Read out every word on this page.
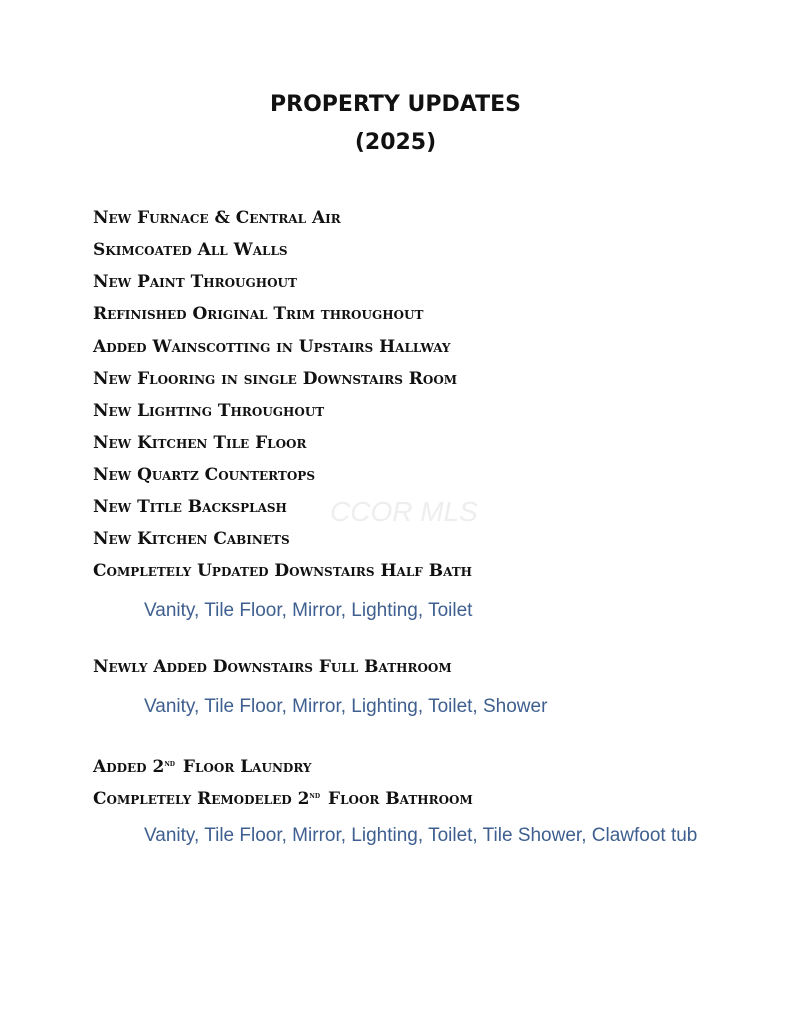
CCOR MLS
PROPERTY UPDATES
(2025)
New Furnace & Central Air
Skimcoated All Walls
New Paint Throughout
Refinished Original Trim throughout
Added Wainscotting in Upstairs Hallway
New Flooring in single Downstairs Room
New Lighting Throughout
New Kitchen Tile Floor
New Quartz Countertops
New Title Backsplash
New Kitchen Cabinets
Completely Updated Downstairs Half Bath
Vanity, Tile Floor, Mirror, Lighting, Toilet
Newly Added Downstairs Full Bathroom
Vanity, Tile Floor, Mirror, Lighting, Toilet, Shower
Added 2nd Floor Laundry
Completely Remodeled 2nd Floor Bathroom
Vanity, Tile Floor, Mirror, Lighting, Toilet, Tile Shower, Clawfoot tub
